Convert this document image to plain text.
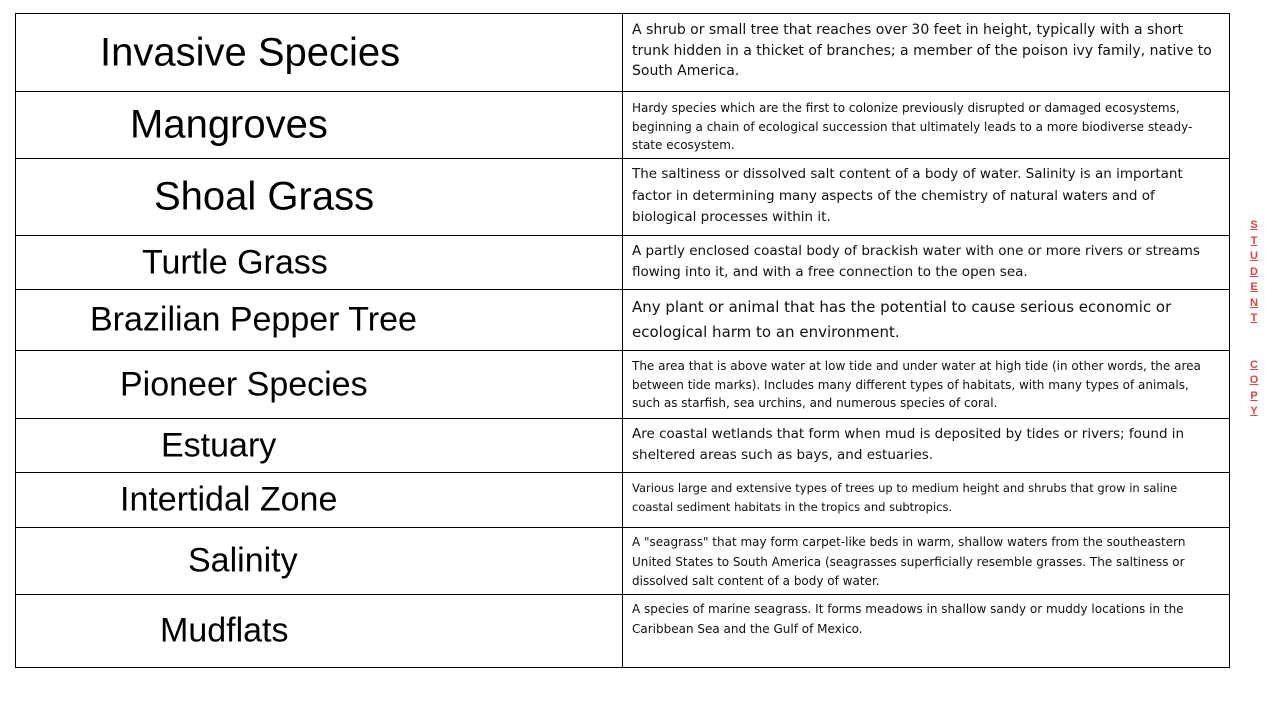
Invasive Species	A shrub or small tree that reaches over 30 feet in height, typically with a short trunk hidden in a thicket of branches; a member of the poison ivy family, native to South America.

Mangroves	Hardy species which are the first to colonize previously disrupted or damaged ecosystems, beginning a chain of ecological succession that ultimately leads to a more biodiverse steady-state ecosystem.

Shoal Grass	The saltiness or dissolved salt content of a body of water. Salinity is an important factor in determining many aspects of the chemistry of natural waters and of biological processes within it.

Turtle Grass	A partly enclosed coastal body of brackish water with one or more rivers or streams flowing into it, and with a free connection to the open sea.

Brazilian Pepper Tree	Any plant or animal that has the potential to cause serious economic or ecological harm to an environment.

Pioneer Species	The area that is above water at low tide and under water at high tide (in other words, the area between tide marks). Includes many different types of habitats, with many types of animals, such as starfish, sea urchins, and numerous species of coral.

Estuary	Are coastal wetlands that form when mud is deposited by tides or rivers; found in sheltered areas such as bays, and estuaries.

Intertidal Zone	Various large and extensive types of trees up to medium height and shrubs that grow in saline coastal sediment habitats in the tropics and subtropics.

Salinity	A "seagrass" that may form carpet-like beds in warm, shallow waters from the southeastern United States to South America (seagrasses superficially resemble grasses. The saltiness or dissolved salt content of a body of water.

Mudflats	A species of marine seagrass. It forms meadows in shallow sandy or muddy locations in the Caribbean Sea and the Gulf of Mexico.
S
T
U
D
E
N
T
C
O
P
Y
